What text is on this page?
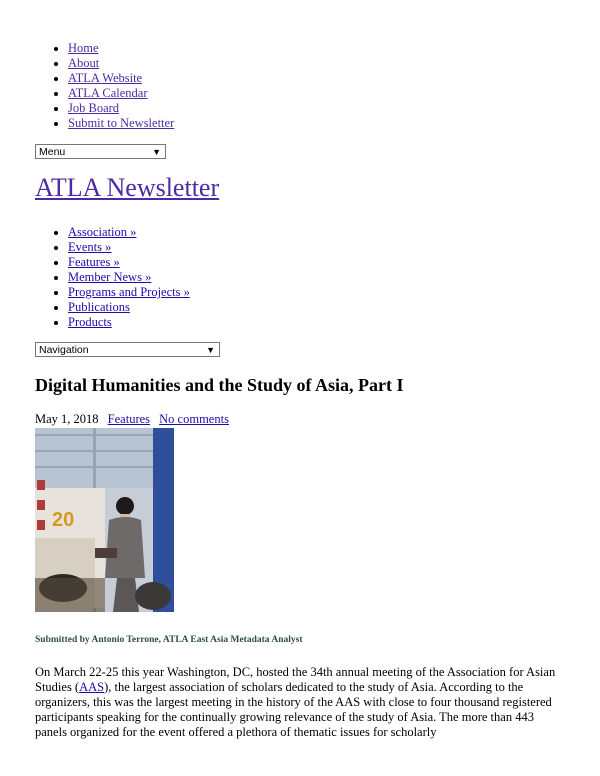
• Home
• About
• ATLA Website
• ATLA Calendar
• Job Board
• Submit to Newsletter
Menu	▼
ATLA Newsletter
• Association »
• Events »
• Features »
• Member News »
• Programs and Projects »
• Publications
• Products
Navigation	▼
Digital Humanities and the Study of Asia, Part I
May 1, 2018 Features No comments
20
Submitted by Antonio Terrone, ATLA East Asia Metadata Analyst

On March 22-25 this year Washington, DC, hosted the 34th annual meeting of the Association for Asian Studies (AAS), the largest association of scholars dedicated to the study of Asia. According to the organizers, this was the largest meeting in the history of the AAS with close to four thousand registered participants speaking for the continually growing relevance of the study of Asia. The more than 443 panels organized for the event offered a plethora of thematic issues for scholarly
